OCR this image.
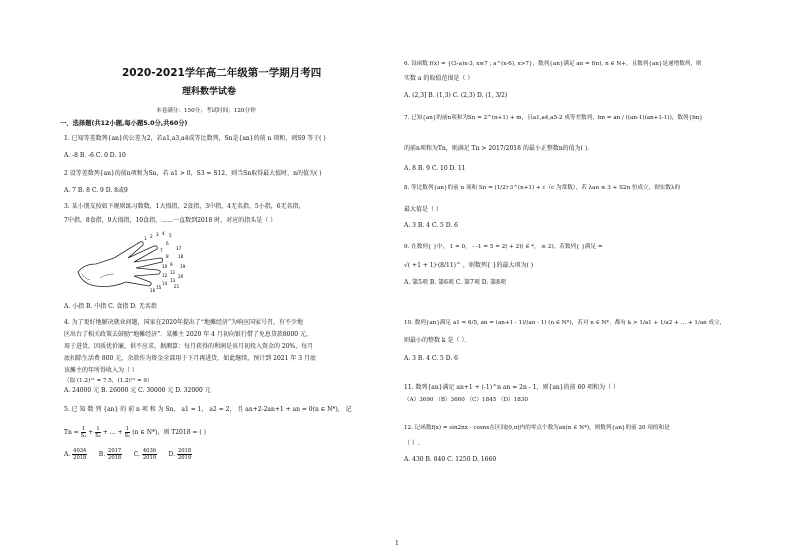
2020-2021学年高二年级第一学期月考四
理科数学试卷
本卷满分：150分；考试时间：120分钟
一、选择题(共12小题,每小题5.0分,共60分)
1. 已知等差数列{an}的公差为2，若a1,a3,a4成等比数列，Sn是{an}的前 n 项和，则S9 等于( )
A. -8 B. -6 C. 0 D. 10
2 设等差数列{an}的前n项和为Sn，若 a1 > 0，S3 = S12，则当Sn取得最大值时，n的值为( )
A. 7 B. 8 C. 9 D. 8或9
3. 某小朋友按如下规则练习数数，1大拇指，2食指，3中指，4无名指，5小指，6无名指，
7中指，8食指，9大拇指，10食指，……一直数到2018 时，对应的指头是（ ）
1 2 3 4 5
6
7
8
9
10
11
12
13
14
15
16
17
18
19
20
21
A. 小指 B. 中指 C. 食指 D. 无名指
4. 为了更好地解决就业问题，国家在2020年提出了“地摊经济”为响应国家号召，有不少地
区出台了相关政策去鼓励“地摊经济”．某摊主 2020 年 4 月初向银行借了免息贷款8000 元，
用于进货，因质优价廉，供不应求，据测算：每月获得的利润是该月初投入资金的 20%，每月
底扣除生活费 800 元，余款作为资金全部用于下月再进货，如此继续，预计到 2021 年 3 月底
该摊主的年所得收入为（ ）
（取 (1.2)¹¹ = 7.5，(1.2)¹² = 9）
A. 24000 元 B. 26000 元 C. 30000 元 D. 32000 元
5. 已 知 数 列 {an} 的 前 n 项 和 为 Sn， a1 = 1， a2 = 2， 且 an+2-2an+1 + an = 0(n ∈ N*)， 记
$Tn = \frac{1}{\text{S₁}} + \frac{1}{\text{S₂}}$ + … + $\frac{1}{\text{Sₙ}} (n$ ∈ N*)，则 T2018 = ( )
A. $\frac{4034}{2018} B$. $\frac{2017}{2018} C$. $\frac{4036}{2019} D$. $\frac{2018}{2019}$
6. 设函数 f(x) = {(3-a)x-3, x≤7 ; a^(x-6), x>7}，数列{an}满足 an = f(n), n ∈ N+，且数列{an}是递增数列，则
实数 a 的取值范围是（ ）
A. (2,3] B. (1,3) C. (2,3) D. (1, 3/2)
7. 已知{an}的前n项和为Sn = 2^(n+1) + m，且a1,a4,a5-2 成等差数列，bn = an / ((an-1)(an+1-1))，数列{bn}
的前n项和为Tn，则满足 Tn > 2017/2018 的最小正整数n的值为( )．
A. 8 B. 9 C. 10 D. 11
8. 等比数列{an}的前 n 项和 Sn = (1/2)·3^(n+1) + c（c 为常数），若 λan ≤ 3 + S2n 恒成立，则实数λ的
最大值是（ ）
A. 3 B. 4 C. 5 D. 6
9. 在数列{ }中， 1 = 0， - -1 = 5 = 2( + 2)( ∈ *， ≥ 2)，若数列{ }满足 =
√( +1 + 1)·(8/11)^ ，则数列{ }的最大项为( )
A. 第5项 B. 第6项 C. 第7项 D. 第8项
10. 数列{an}满足 a1 = 6/5, an = (an+1 - 1)/(an - 1) (n ∈ N*)，若对 n ∈ N*，都有 k > 1/a1 + 1/a2 + … + 1/an 成立，
则最小的整数 k 是（ ）．
A. 3 B. 4 C. 5 D. 6
11. 数列{an}满足 an+1 + (-1)^n an = 2n - 1，则{an}的前 60 项和为（ ）
（A）3690 （B）3660 （C）1845 （D）1830
12. 记函数f(x) = sin2nx - cosnx在区间[0,π]内的零点个数为an(n ∈ N*)，则数列{an}的前 20 项的和是
（ ）.
A. 430 B. 840 C. 1250 D. 1660
1
